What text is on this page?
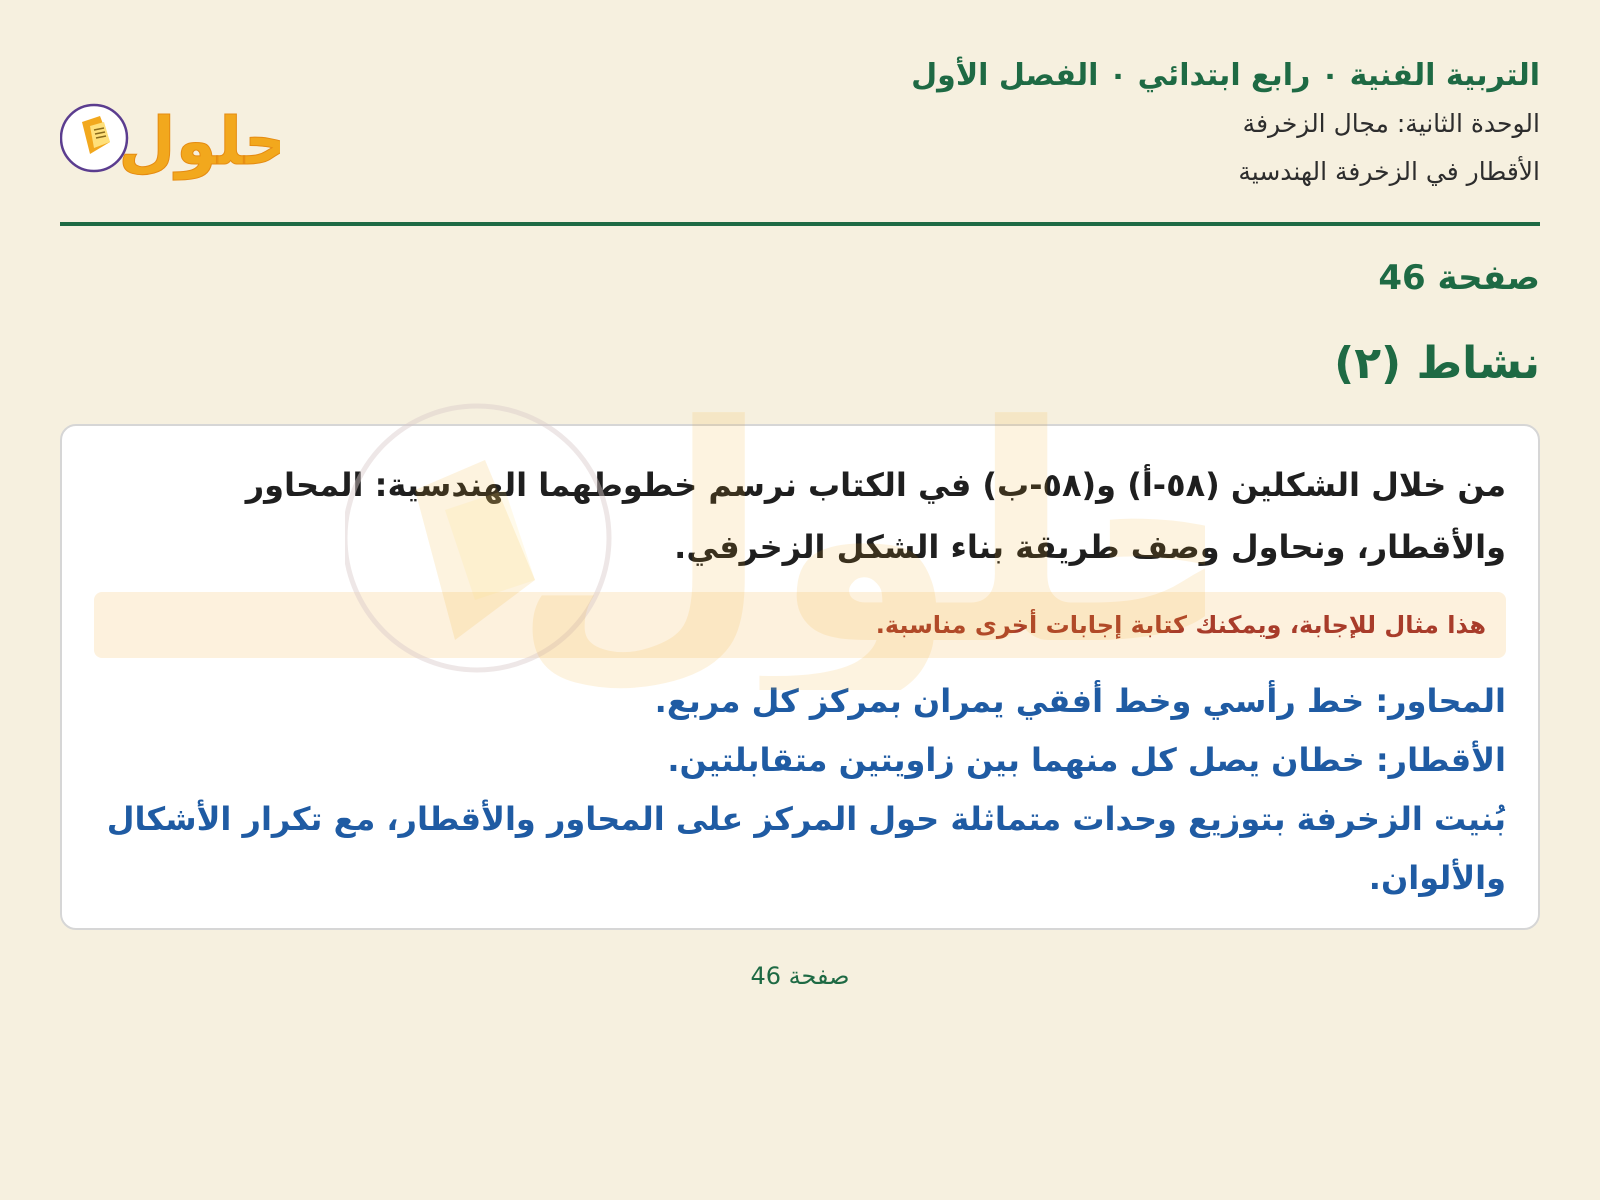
التربية الفنية ٠ رابع ابتدائي ٠ الفصل الأول
الوحدة الثانية: مجال الزخرفة
الأقطار في الزخرفة الهندسية
حلول
صفحة 46
نشاط (٢)

من خلال الشكلين (٥٨-أ) و(٥٨-ب) في الكتاب نرسم خطوطهما الهندسية: المحاور والأقطار، ونحاول وصف طريقة بناء الشكل الزخرفي.

هذا مثال للإجابة، ويمكنك كتابة إجابات أخرى مناسبة.
المحاور: خط رأسي وخط أفقي يمران بمركز كل مربع.
الأقطار: خطان يصل كل منهما بين زاويتين متقابلتين.
بُنيت الزخرفة بتوزيع وحدات متماثلة حول المركز على المحاور والأقطار، مع تكرار الأشكال والألوان.
صفحة 46
